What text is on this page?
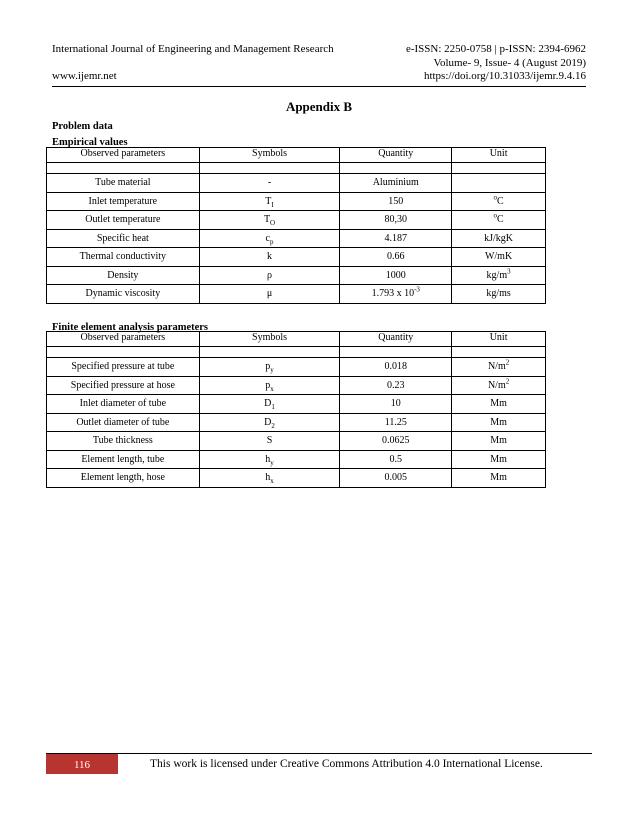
International Journal of Engineering and Management Research	e-ISSN: 2250-0758 | p-ISSN: 2394-6962
Volume- 9, Issue- 4 (August 2019)
www.ijemr.net	https://doi.org/10.31033/ijemr.9.4.16
Appendix B
Problem data
Empirical values
Observed parameters	Symbols	Quantity	Unit

Tube material	-	Aluminium	
Inlet temperature	$T_I$	150	$^o$C
Outlet temperature	$T_O$	80,30	$^o$C
Specific heat	$c_p$	4.187	kJ/kgK
Thermal conductivity	k	0.66	W/mK
Density	ρ	1000	$kg/m^3$
Dynamic viscosity	μ	1.793 x $10^{-3}$	kg/ms
Finite element analysis parameters
Observed parameters	Symbols	Quantity	Unit

Specified pressure at tube	$p_y$	0.018	$N/m^2$
Specified pressure at hose	$p_x$	0.23	$N/m^2$
Inlet diameter of tube	$D_1$	10	Mm
Outlet diameter of tube	$D_2$	11.25	Mm
Tube thickness	S	0.0625	Mm
Element length, tube	$h_y$	0.5	Mm
Element length, hose	$h_x$	0.005	Mm
116	This work is licensed under Creative Commons Attribution 4.0 International License.
